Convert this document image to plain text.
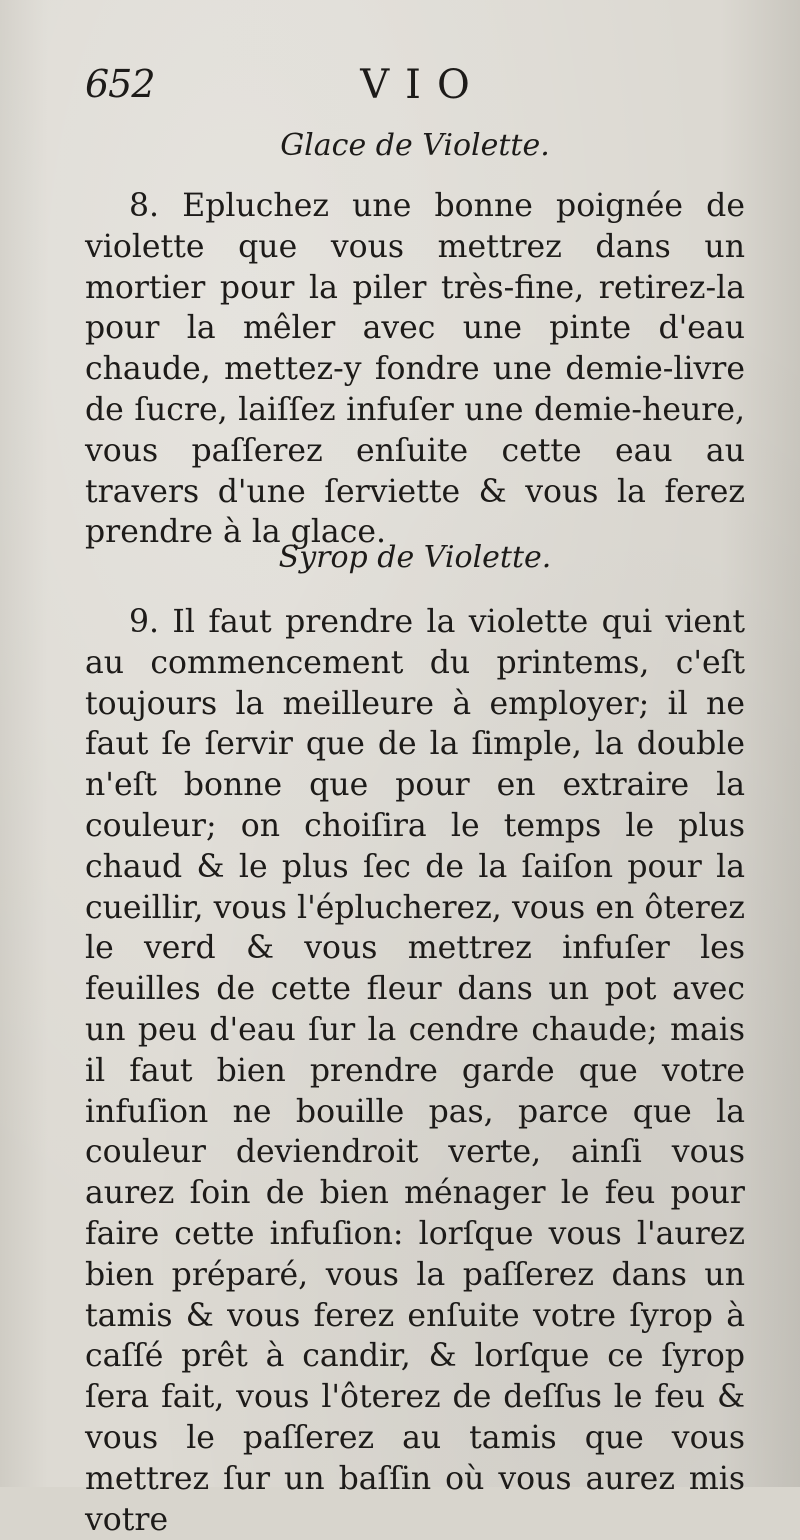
652	VIO
Glace de Violette.

8. Epluchez une bonne poignée de violette que vous mettrez dans un mortier pour la piler très-fine, retirez-la pour la mêler avec une pinte d'eau chaude, mettez-y fondre une demie-livre de ſucre, laiſſez infuſer une demie-heure, vous paſſerez enſuite cette eau au travers d'une ſerviette & vous la ferez prendre à la glace.

Syrop de Violette.

9. Il faut prendre la violette qui vient au commencement du printems, c'eſt toujours la meilleure à employer; il ne faut ſe ſervir que de la ſimple, la double n'eſt bonne que pour en extraire la couleur; on choiſira le temps le plus chaud & le plus ſec de la ſaiſon pour la cueillir, vous l'éplucherez, vous en ôterez le verd & vous mettrez infuſer les feuilles de cette fleur dans un pot avec un peu d'eau ſur la cendre chaude; mais il faut bien prendre garde que votre infuſion ne bouille pas, parce que la couleur deviendroit verte, ainſi vous aurez ſoin de bien ménager le feu pour faire cette infuſion: lorſque vous l'aurez bien préparé, vous la paſſerez dans un tamis & vous ferez enſuite votre ſyrop à caſſé prêt à candir, & lorſque ce ſyrop ſera fait, vous l'ôterez de deſſus le feu & vous le paſſerez au tamis que vous mettrez ſur un baſſin où vous aurez mis votre
